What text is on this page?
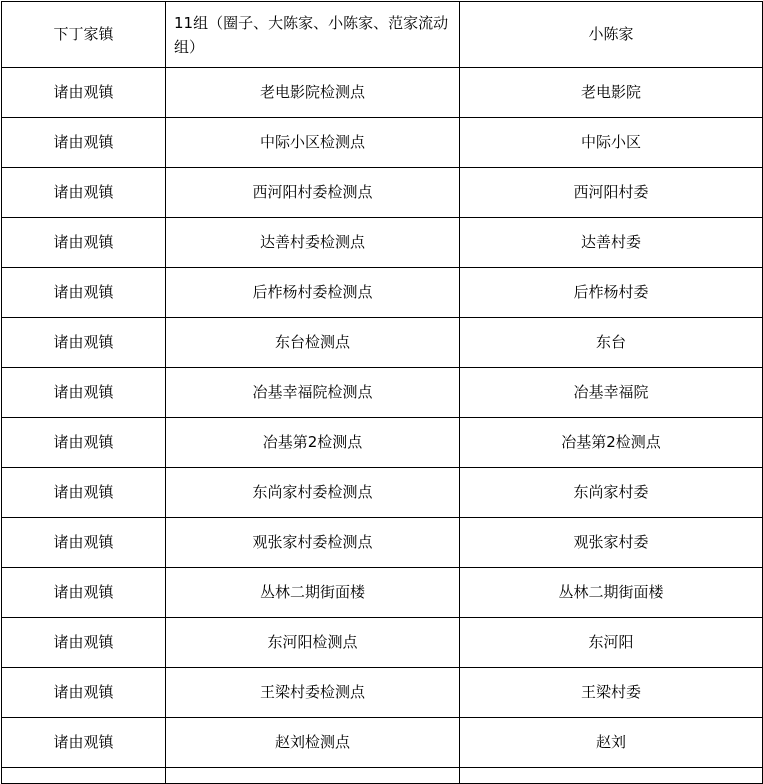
下丁家镇	11组（圈子、大陈家、小陈家、范家流动组）	小陈家
诸由观镇	老电影院检测点	老电影院
诸由观镇	中际小区检测点	中际小区
诸由观镇	西河阳村委检测点	西河阳村委
诸由观镇	达善村委检测点	达善村委
诸由观镇	后柞杨村委检测点	后柞杨村委
诸由观镇	东台检测点	东台
诸由观镇	冶基幸福院检测点	冶基幸福院
诸由观镇	冶基第2检测点	冶基第2检测点
诸由观镇	东尚家村委检测点	东尚家村委
诸由观镇	观张家村委检测点	观张家村委
诸由观镇	丛林二期街面楼	丛林二期街面楼
诸由观镇	东河阳检测点	东河阳
诸由观镇	王梁村委检测点	王梁村委
诸由观镇	赵刘检测点	赵刘
